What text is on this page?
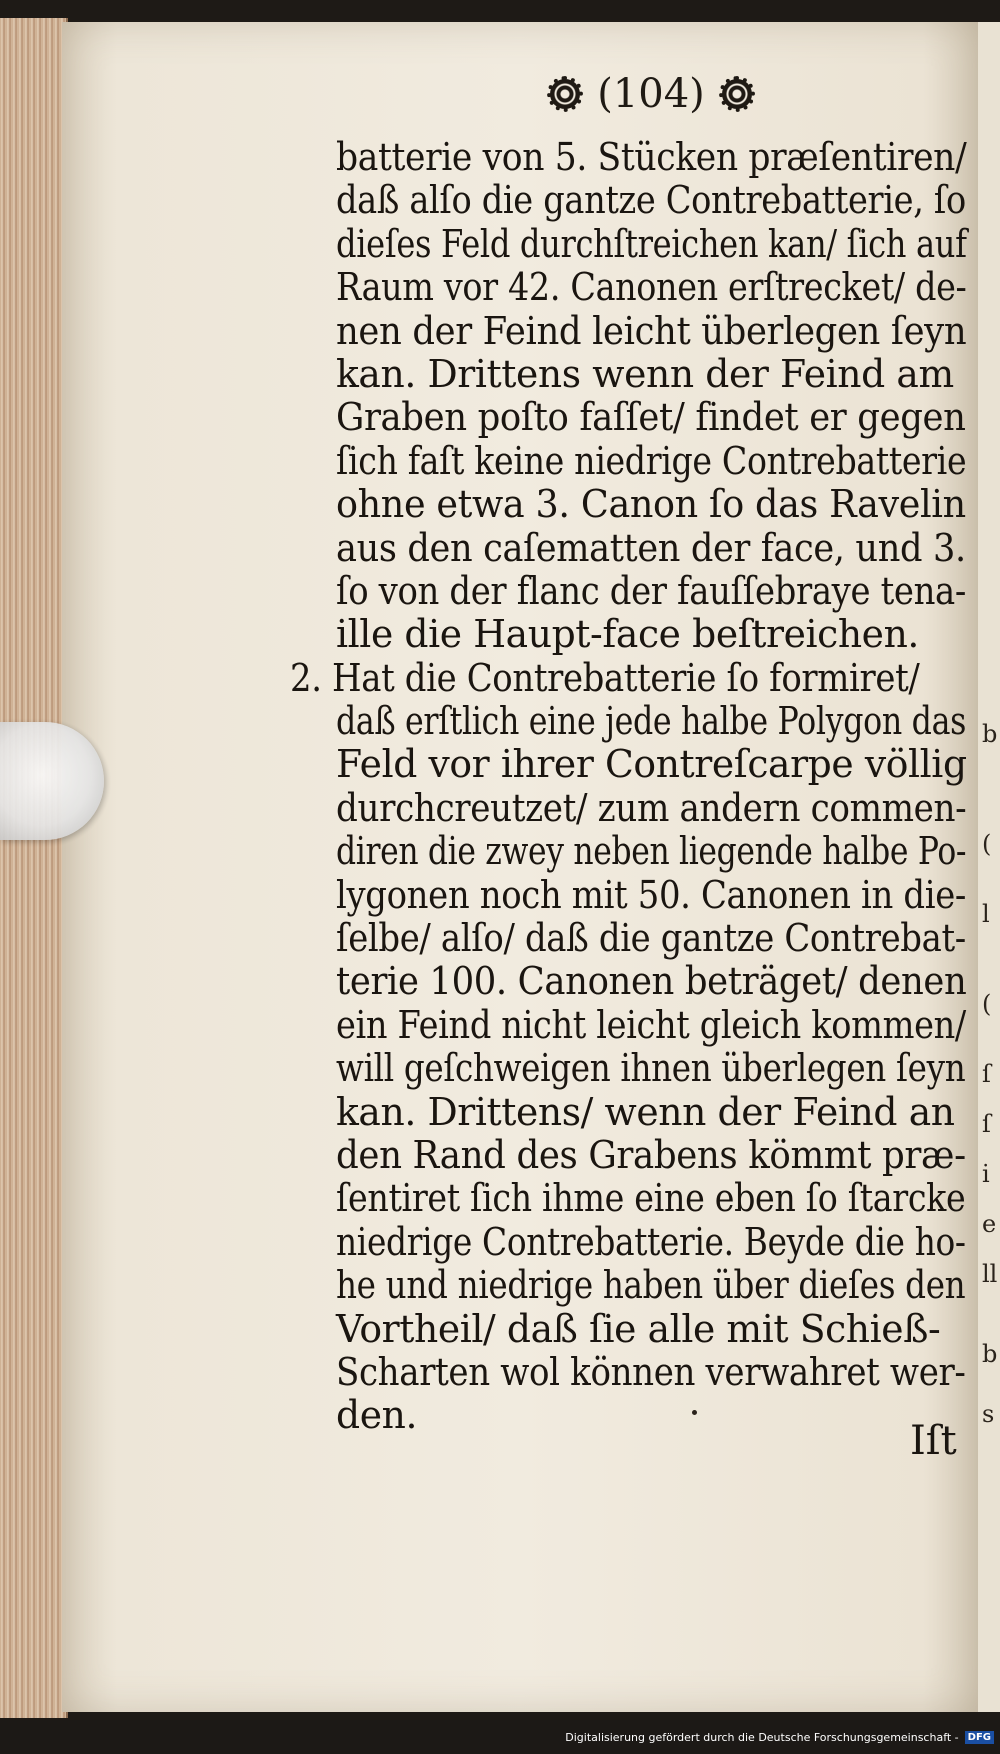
(104)
batterie von 5. Stücken præſentiren/
daß alſo die gantze Contrebatterie, ſo
dieſes Feld durchſtreichen kan/ ſich auf
Raum vor 42. Canonen erſtrecket/ de-
nen der Feind leicht überlegen ſeyn
kan. Drittens wenn der Feind am
Graben poſto faſſet/ findet er gegen
ſich faſt keine niedrige Contrebatterie
ohne etwa 3. Canon ſo das Ravelin
aus den caſematten der face, und 3.
ſo von der flanc der fauſſebraye tena-
ille die Haupt-face beſtreichen.
2. Hat die Contrebatterie ſo formiret/
daß erſtlich eine jede halbe Polygon das
Feld vor ihrer Contreſcarpe völlig
durchcreutzet/ zum andern commen-
diren die zwey neben liegende halbe Po-
lygonen noch mit 50. Canonen in die-
ſelbe/ alſo/ daß die gantze Contrebat-
terie 100. Canonen beträget/ denen
ein Feind nicht leicht gleich kommen/
will geſchweigen ihnen überlegen ſeyn
kan. Drittens/ wenn der Feind an
den Rand des Grabens kömmt præ-
ſentiret ſich ihme eine eben ſo ſtarcke
niedrige Contrebatterie. Beyde die ho-
he und niedrige haben über dieſes den
Vortheil/ daß ſie alle mit Schieß-
Scharten wol können verwahret wer-
den.
Iſt
b
(
l
(
ſ
ſ
i
e
ll
b
s
Digitalisierung gefördert durch die Deutsche Forschungsgemeinschaft - DFG
